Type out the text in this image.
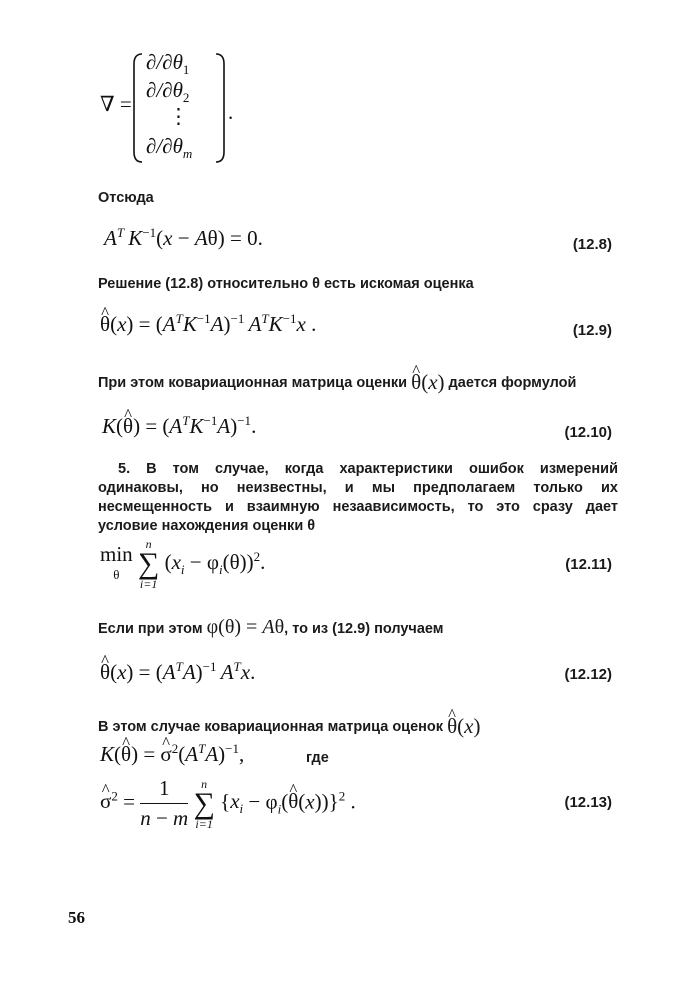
∇ =
$\partial/\partial\theta_1$
$\partial/\partial\theta_2$
⋮
$\partial/\partial\theta_m$
.
Отсюда
$A^T$  $K^{-1}(x - A\theta) = 0$.	(12.8)
Решение (12.8) относительно θ есть искомая оценка
^ $\theta(x) = (A^TK^{-1}A)^{-1}$  $A^TK^{-1}x$ .	(12.9)
При этом ковариационная матрица оценки ^ θ(x) дается формулой
K(^ $\theta) = (A^TK^{-1}A)^{-1}$.	(12.10)
5. В том случае, когда характеристики ошибок измерений одинаковы, но неизвестны, и мы предполагаем только их несмещенность и взаимную незаависимость, то это сразу дает условие нахождения оценки θ
min
θ
n
∑
i=1
$(x_i - \varphi_i(\theta))^2$.	(12.11)
Если при этом φ(θ) = Aθ, то из (12.9) получаем
^ $\theta(x) = (A^TA)^{-1}$  $A^Tx$.	(12.12)
В этом случае ковариационная матрица оценок ^ θ(x)
K(^ θ) = ^ $\sigma^2(A^TA)^{-1}$,	где
^ $\sigma^2 = \frac{1}{n - m}$
	n
∑
i=1
{$x_i$ − $\varphi_i(\^{}$ θ(x))}$^2$ .	(12.13)
56
